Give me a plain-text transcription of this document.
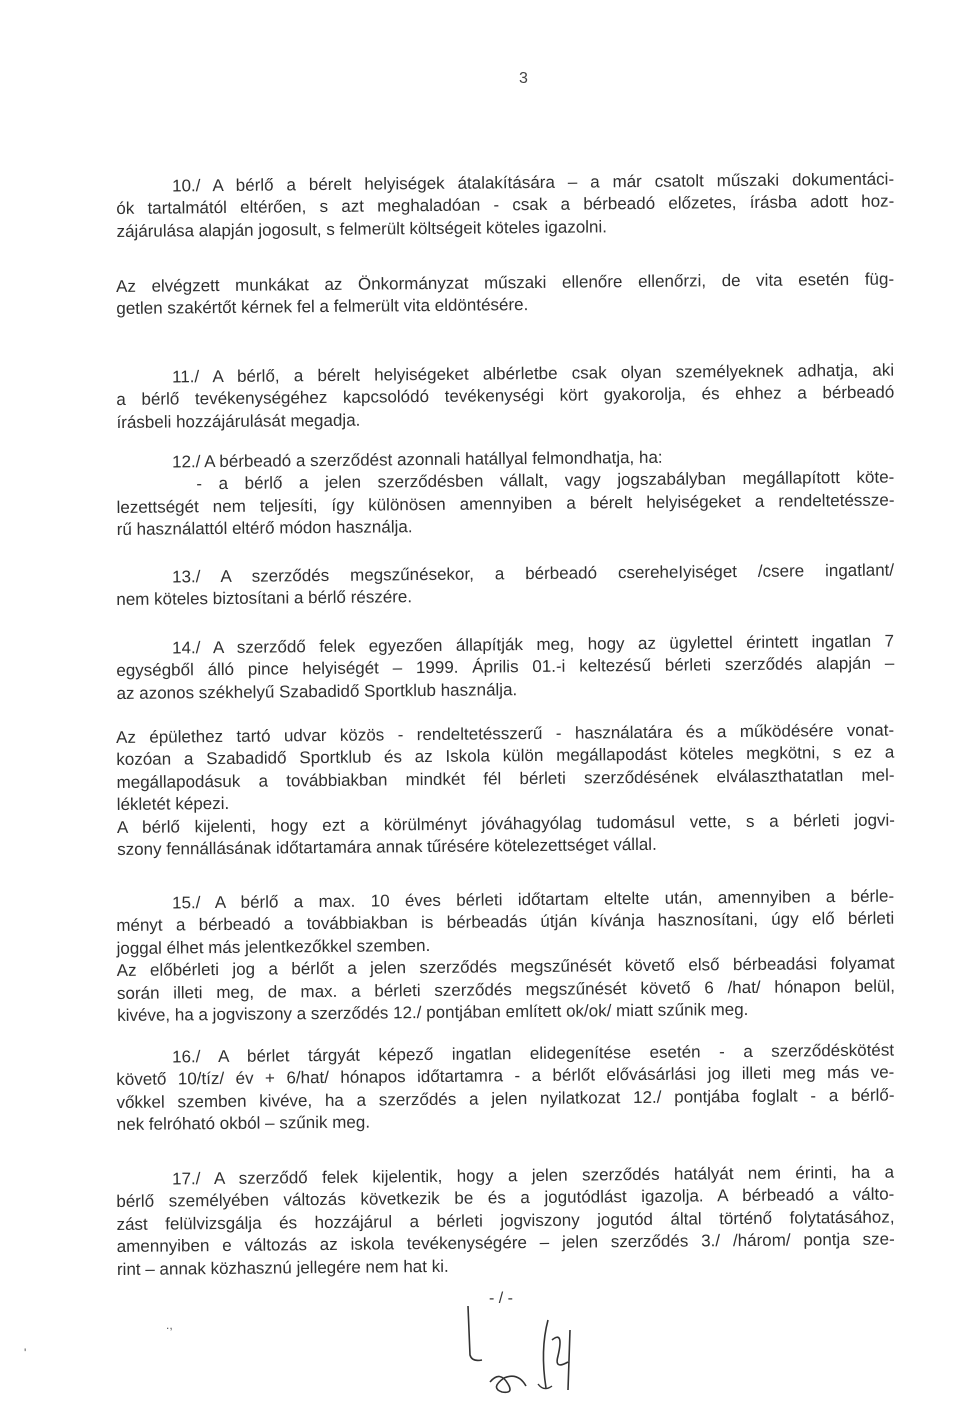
3
10./ A bérlő a bérelt helyiségek átalakítására – a már csatolt műszaki dokumentáci-
ók tartalmától eltérően, s azt meghaladóan - csak a bérbeadó előzetes, írásba adott hoz-
zájárulása alapján jogosult, s felmerült költségeit köteles igazolni.
Az elvégzett munkákat az Önkormányzat műszaki ellenőre ellenőrzi, de vita esetén füg-
getlen szakértőt kérnek fel a felmerült vita eldöntésére.
11./ A bérlő, a bérelt helyiségeket albérletbe csak olyan személyeknek adhatja, aki
a bérlő tevékenységéhez kapcsolódó tevékenységi kört gyakorolja, és ehhez a bérbeadó
írásbeli hozzájárulását megadja.
12./ A bérbeadó a szerződést azonnali hatállyal felmondhatja, ha:
- a bérlő a jelen szerződésben vállalt, vagy jogszabályban megállapított köte-
lezettségét nem teljesíti, így különösen amennyiben a bérelt helyiségeket a rendeltetéssze-
rű használattól eltérő módon használja.
13./ A szerződés megszűnésekor, a bérbeadó csereheIyiséget /csere ingatlant/
nem köteles biztosítani a bérlő részére.
14./ A szerződő felek egyezően állapítják meg, hogy az ügylettel érintett ingatlan 7
egységből álló pince helyiségét – 1999. Április 01.-i keltezésű bérleti szerződés alapján –
az azonos székhelyű Szabadidő Sportklub használja.
Az épülethez tartó udvar közös - rendeltetésszerű - használatára és a működésére vonat-
kozóan a Szabadidő Sportklub és az Iskola külön megállapodást köteles megkötni, s ez a
megállapodásuk a továbbiakban mindkét fél bérleti szerződésének elválaszthatatlan mel-
lékletét képezi.
A bérlő kijelenti, hogy ezt a körülményt jóváhagyólag tudomásul vette, s a bérleti jogvi-
szony fennállásának időtartamára annak tűrésére kötelezettséget vállal.
15./ A bérlő a max. 10 éves bérleti időtartam eltelte után, amennyiben a bérle-
ményt a bérbeadó a továbbiakban is bérbeadás útján kívánja hasznosítani, úgy elő bérleti
joggal élhet más jelentkezőkkel szemben.
Az előbérleti jog a bérlőt a jelen szerződés megszűnését követő első bérbeadási folyamat
során illeti meg, de max. a bérleti szerződés megszűnését követő 6 /hat/ hónapon belül,
kivéve, ha a jogviszony a szerződés 12./ pontjában említett ok/ok/ miatt szűnik meg.
16./ A bérlet tárgyát képező ingatlan elidegenítése esetén - a szerződéskötést
követő 10/tíz/ év + 6/hat/ hónapos időtartamra - a bérlőt elővásárlási jog illeti meg más ve-
vőkkel szemben kivéve, ha a szerződés a jelen nyilatkozat 12./ pontjába foglalt - a bérlő-
nek felróható okból – szűnik meg.
17./ A szerződő felek kijelentik, hogy a jelen szerződés hatályát nem érinti, ha a
bérlő személyében változás következik be és a jogutódlást igazolja. A bérbeadó a válto-
zást felülvizsgálja és hozzájárul a bérleti jogviszony jogutód által történő folytatásához,
amennyiben e változás az iskola tevékenységére – jelen szerződés 3./ /három/ pontja sze-
rint – annak közhasznú jellegére nem hat ki.
- / -
.,
'
